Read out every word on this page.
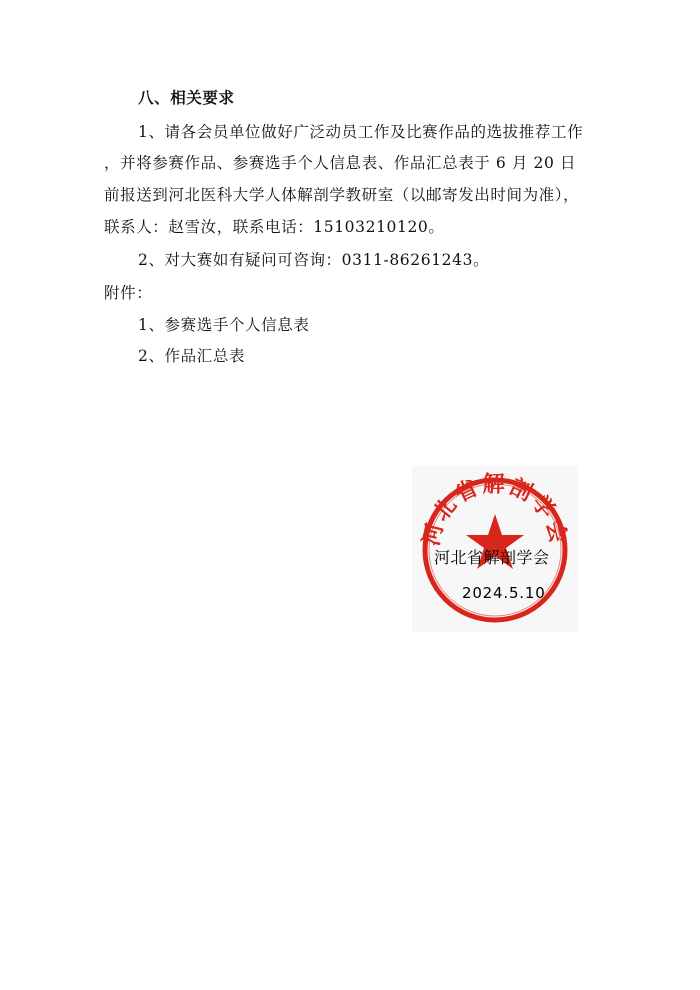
八、相关要求
1、请各会员单位做好广泛动员工作及比赛作品的选拔推荐工作
，并将参赛作品、参赛选手个人信息表、作品汇总表于 6 月 20 日
前报送到河北医科大学人体解剖学教研室（以邮寄发出时间为准），
联系人：赵雪汝，联系电话：15103210120。
2、对大赛如有疑问可咨询：0311-86261243。
附件：
1、参赛选手个人信息表
2、作品汇总表
河北省解剖学会
河北省解剖学会
2024.5.10
